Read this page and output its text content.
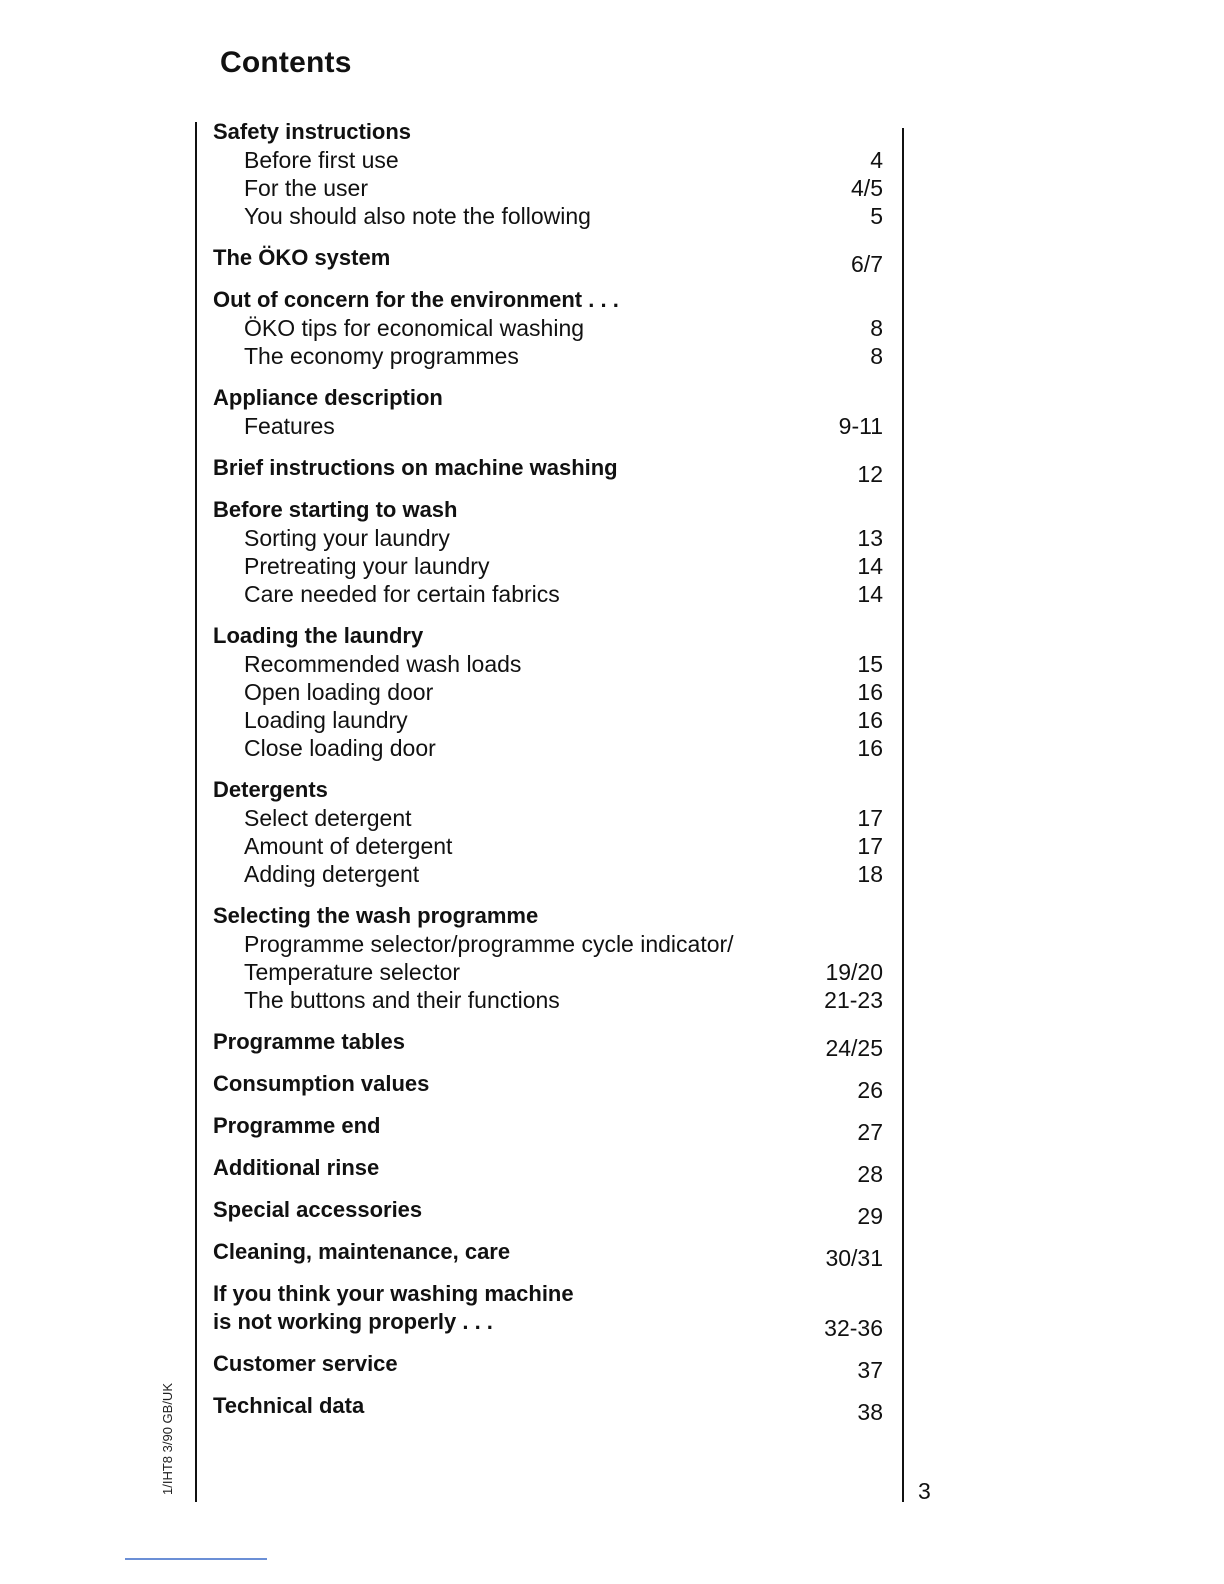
Contents
Safety instructions
Before first use	4
For the user	4/5
You should also note the following	5
The ÖKO system	6/7
Out of concern for the environment . . .
ÖKO tips for economical washing	8
The economy programmes	8
Appliance description
Features	9-11
Brief instructions on machine washing	12
Before starting to wash
Sorting your laundry	13
Pretreating your laundry	14
Care needed for certain fabrics	14
Loading the laundry
Recommended wash loads	15
Open loading door	16
Loading laundry	16
Close loading door	16
Detergents
Select detergent	17
Amount of detergent	17
Adding detergent	18
Selecting the wash programme
Programme selector/programme cycle indicator/
Temperature selector	19/20
The buttons and their functions	21-23
Programme tables	24/25
Consumption values	26
Programme end	27
Additional rinse	28
Special accessories	29
Cleaning, maintenance, care	30/31
If you think your washing machine
is not working properly . . .	32-36
Customer service	37
Technical data	38
1/IHT8 3/90 GB/UK	3
